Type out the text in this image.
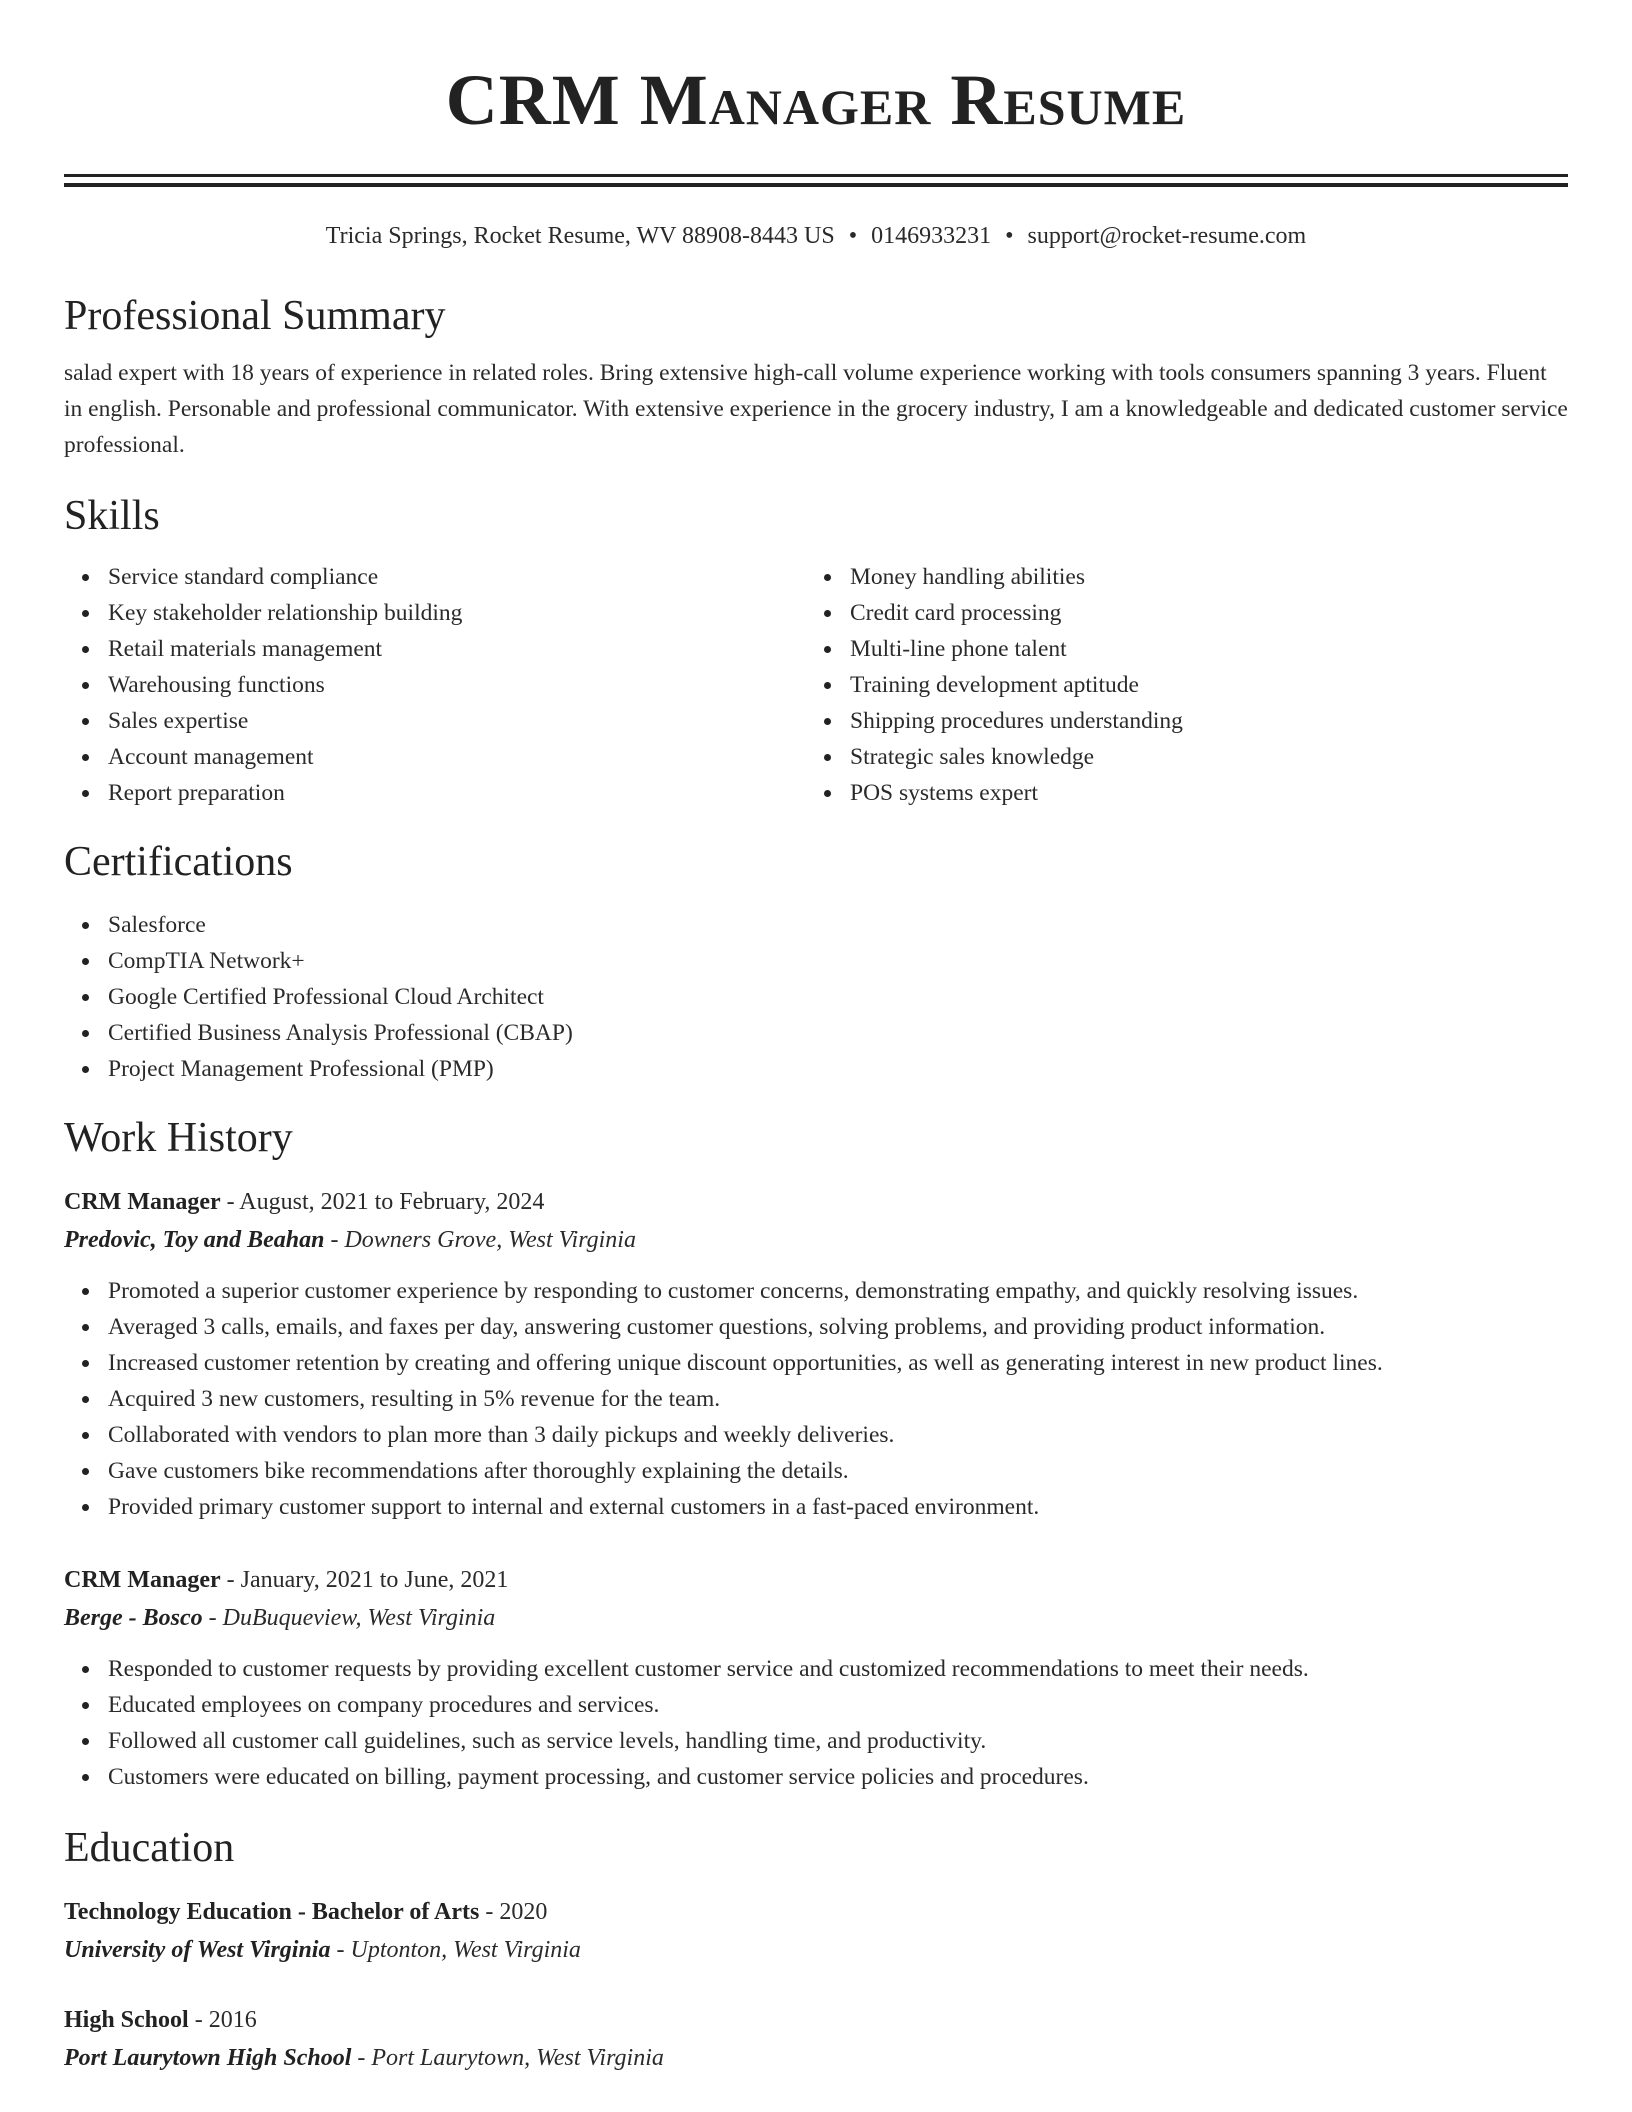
CRM Manager Resume
Tricia Springs, Rocket Resume, WV 88908-8443 US • 0146933231 • support@rocket-resume.com
Professional Summary
salad expert with 18 years of experience in related roles. Bring extensive high-call volume experience working with tools consumers spanning 3 years. Fluent in english. Personable and professional communicator. With extensive experience in the grocery industry, I am a knowledgeable and dedicated customer service professional.
Skills
Service standard compliance
Key stakeholder relationship building
Retail materials management
Warehousing functions
Sales expertise
Account management
Report preparation
Money handling abilities
Credit card processing
Multi-line phone talent
Training development aptitude
Shipping procedures understanding
Strategic sales knowledge
POS systems expert
Certifications
Salesforce
CompTIA Network+
Google Certified Professional Cloud Architect
Certified Business Analysis Professional (CBAP)
Project Management Professional (PMP)
Work History
CRM Manager - August, 2021 to February, 2024
Predovic, Toy and Beahan - Downers Grove, West Virginia
Promoted a superior customer experience by responding to customer concerns, demonstrating empathy, and quickly resolving issues.
Averaged 3 calls, emails, and faxes per day, answering customer questions, solving problems, and providing product information.
Increased customer retention by creating and offering unique discount opportunities, as well as generating interest in new product lines.
Acquired 3 new customers, resulting in 5% revenue for the team.
Collaborated with vendors to plan more than 3 daily pickups and weekly deliveries.
Gave customers bike recommendations after thoroughly explaining the details.
Provided primary customer support to internal and external customers in a fast-paced environment.
CRM Manager - January, 2021 to June, 2021
Berge - Bosco - DuBuqueview, West Virginia
Responded to customer requests by providing excellent customer service and customized recommendations to meet their needs.
Educated employees on company procedures and services.
Followed all customer call guidelines, such as service levels, handling time, and productivity.
Customers were educated on billing, payment processing, and customer service policies and procedures.
Education
Technology Education - Bachelor of Arts - 2020
University of West Virginia - Uptonton, West Virginia
High School - 2016
Port Laurytown High School - Port Laurytown, West Virginia
